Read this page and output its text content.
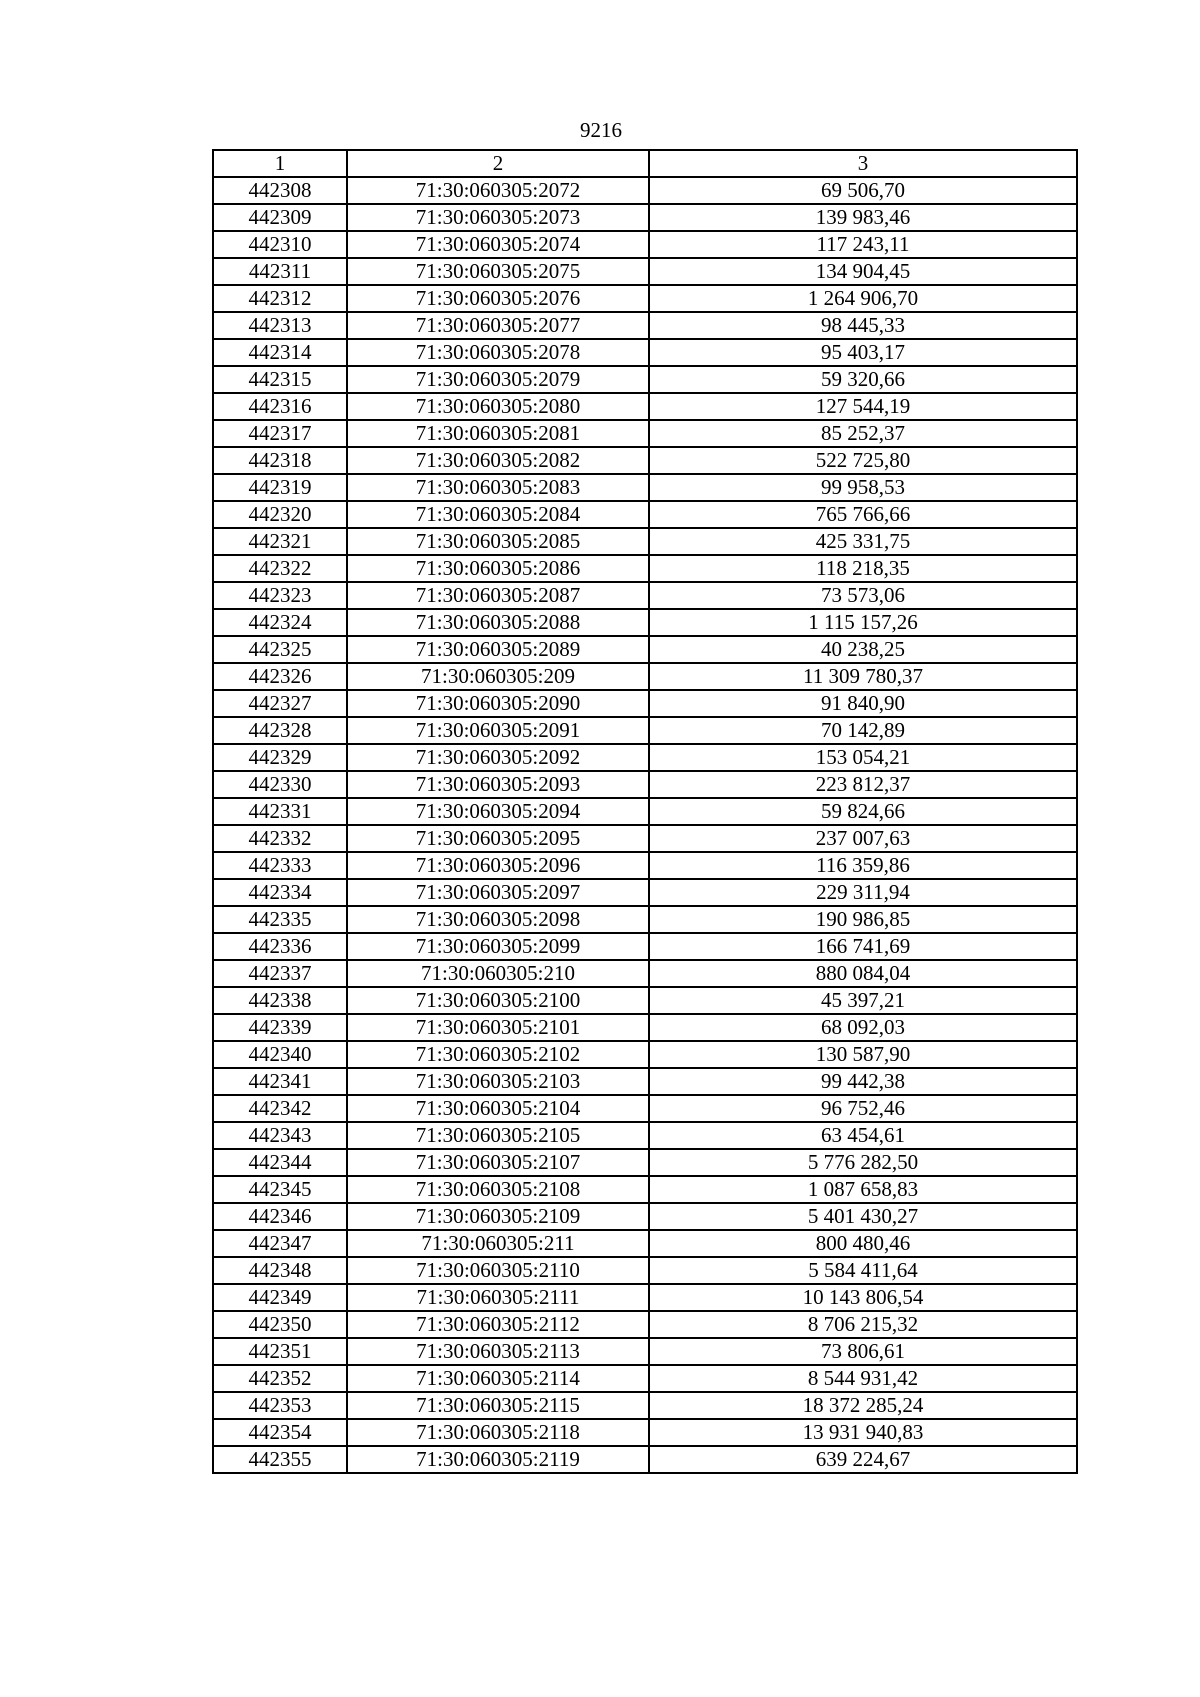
9216
1	2	3
442308	71:30:060305:2072	69 506,70
442309	71:30:060305:2073	139 983,46
442310	71:30:060305:2074	117 243,11
442311	71:30:060305:2075	134 904,45
442312	71:30:060305:2076	1 264 906,70
442313	71:30:060305:2077	98 445,33
442314	71:30:060305:2078	95 403,17
442315	71:30:060305:2079	59 320,66
442316	71:30:060305:2080	127 544,19
442317	71:30:060305:2081	85 252,37
442318	71:30:060305:2082	522 725,80
442319	71:30:060305:2083	99 958,53
442320	71:30:060305:2084	765 766,66
442321	71:30:060305:2085	425 331,75
442322	71:30:060305:2086	118 218,35
442323	71:30:060305:2087	73 573,06
442324	71:30:060305:2088	1 115 157,26
442325	71:30:060305:2089	40 238,25
442326	71:30:060305:209	11 309 780,37
442327	71:30:060305:2090	91 840,90
442328	71:30:060305:2091	70 142,89
442329	71:30:060305:2092	153 054,21
442330	71:30:060305:2093	223 812,37
442331	71:30:060305:2094	59 824,66
442332	71:30:060305:2095	237 007,63
442333	71:30:060305:2096	116 359,86
442334	71:30:060305:2097	229 311,94
442335	71:30:060305:2098	190 986,85
442336	71:30:060305:2099	166 741,69
442337	71:30:060305:210	880 084,04
442338	71:30:060305:2100	45 397,21
442339	71:30:060305:2101	68 092,03
442340	71:30:060305:2102	130 587,90
442341	71:30:060305:2103	99 442,38
442342	71:30:060305:2104	96 752,46
442343	71:30:060305:2105	63 454,61
442344	71:30:060305:2107	5 776 282,50
442345	71:30:060305:2108	1 087 658,83
442346	71:30:060305:2109	5 401 430,27
442347	71:30:060305:211	800 480,46
442348	71:30:060305:2110	5 584 411,64
442349	71:30:060305:2111	10 143 806,54
442350	71:30:060305:2112	8 706 215,32
442351	71:30:060305:2113	73 806,61
442352	71:30:060305:2114	8 544 931,42
442353	71:30:060305:2115	18 372 285,24
442354	71:30:060305:2118	13 931 940,83
442355	71:30:060305:2119	639 224,67
